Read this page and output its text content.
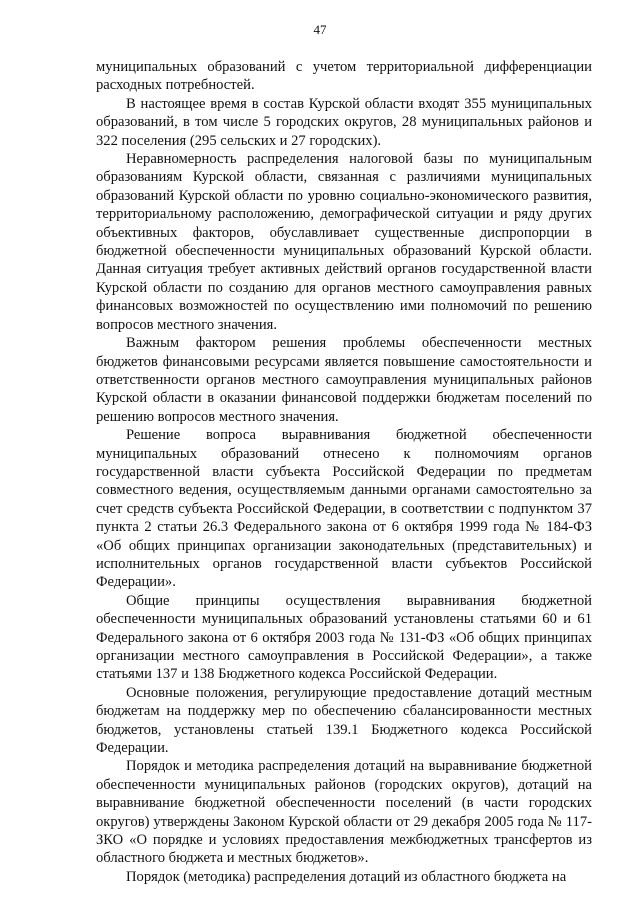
47

муниципальных образований с учетом территориальной дифференциации расходных потребностей.

В настоящее время в состав Курской области входят 355 муниципальных образований, в том числе 5 городских округов, 28 муниципальных районов и 322 поселения (295 сельских и 27 городских).

Неравномерность распределения налоговой базы по муниципальным образованиям Курской области, связанная с различиями муниципальных образований Курской области по уровню социально-экономического развития, территориальному расположению, демографической ситуации и ряду других объективных факторов, обуславливает существенные диспропорции в бюджетной обеспеченности муниципальных образований Курской области. Данная ситуация требует активных действий органов государственной власти Курской области по созданию для органов местного самоуправления равных финансовых возможностей по осуществлению ими полномочий по решению вопросов местного значения.

Важным фактором решения проблемы обеспеченности местных бюджетов финансовыми ресурсами является повышение самостоятельности и ответственности органов местного самоуправления муниципальных районов Курской области в оказании финансовой поддержки бюджетам поселений по решению вопросов местного значения.

Решение вопроса выравнивания бюджетной обеспеченности муниципальных образований отнесено к полномочиям органов государственной власти субъекта Российской Федерации по предметам совместного ведения, осуществляемым данными органами самостоятельно за счет средств субъекта Российской Федерации, в соответствии с подпунктом 37 пункта 2 статьи 26.3 Федерального закона от 6 октября 1999 года № 184-ФЗ «Об общих принципах организации законодательных (представительных) и исполнительных органов государственной власти субъектов Российской Федерации».

Общие принципы осуществления выравнивания бюджетной обеспеченности муниципальных образований установлены статьями 60 и 61 Федерального закона от 6 октября 2003 года № 131-ФЗ «Об общих принципах организации местного самоуправления в Российской Федерации», а также статьями 137 и 138 Бюджетного кодекса Российской Федерации.

Основные положения, регулирующие предоставление дотаций местным бюджетам на поддержку мер по обеспечению сбалансированности местных бюджетов, установлены статьей 139.1 Бюджетного кодекса Российской Федерации.

Порядок и методика распределения дотаций на выравнивание бюджетной обеспеченности муниципальных районов (городских округов), дотаций на выравнивание бюджетной обеспеченности поселений (в части городских округов) утверждены Законом Курской области от 29 декабря 2005 года № 117-ЗКО «О порядке и условиях предоставления межбюджетных трансфертов из областного бюджета и местных бюджетов».

Порядок (методика) распределения дотаций из областного бюджета на
